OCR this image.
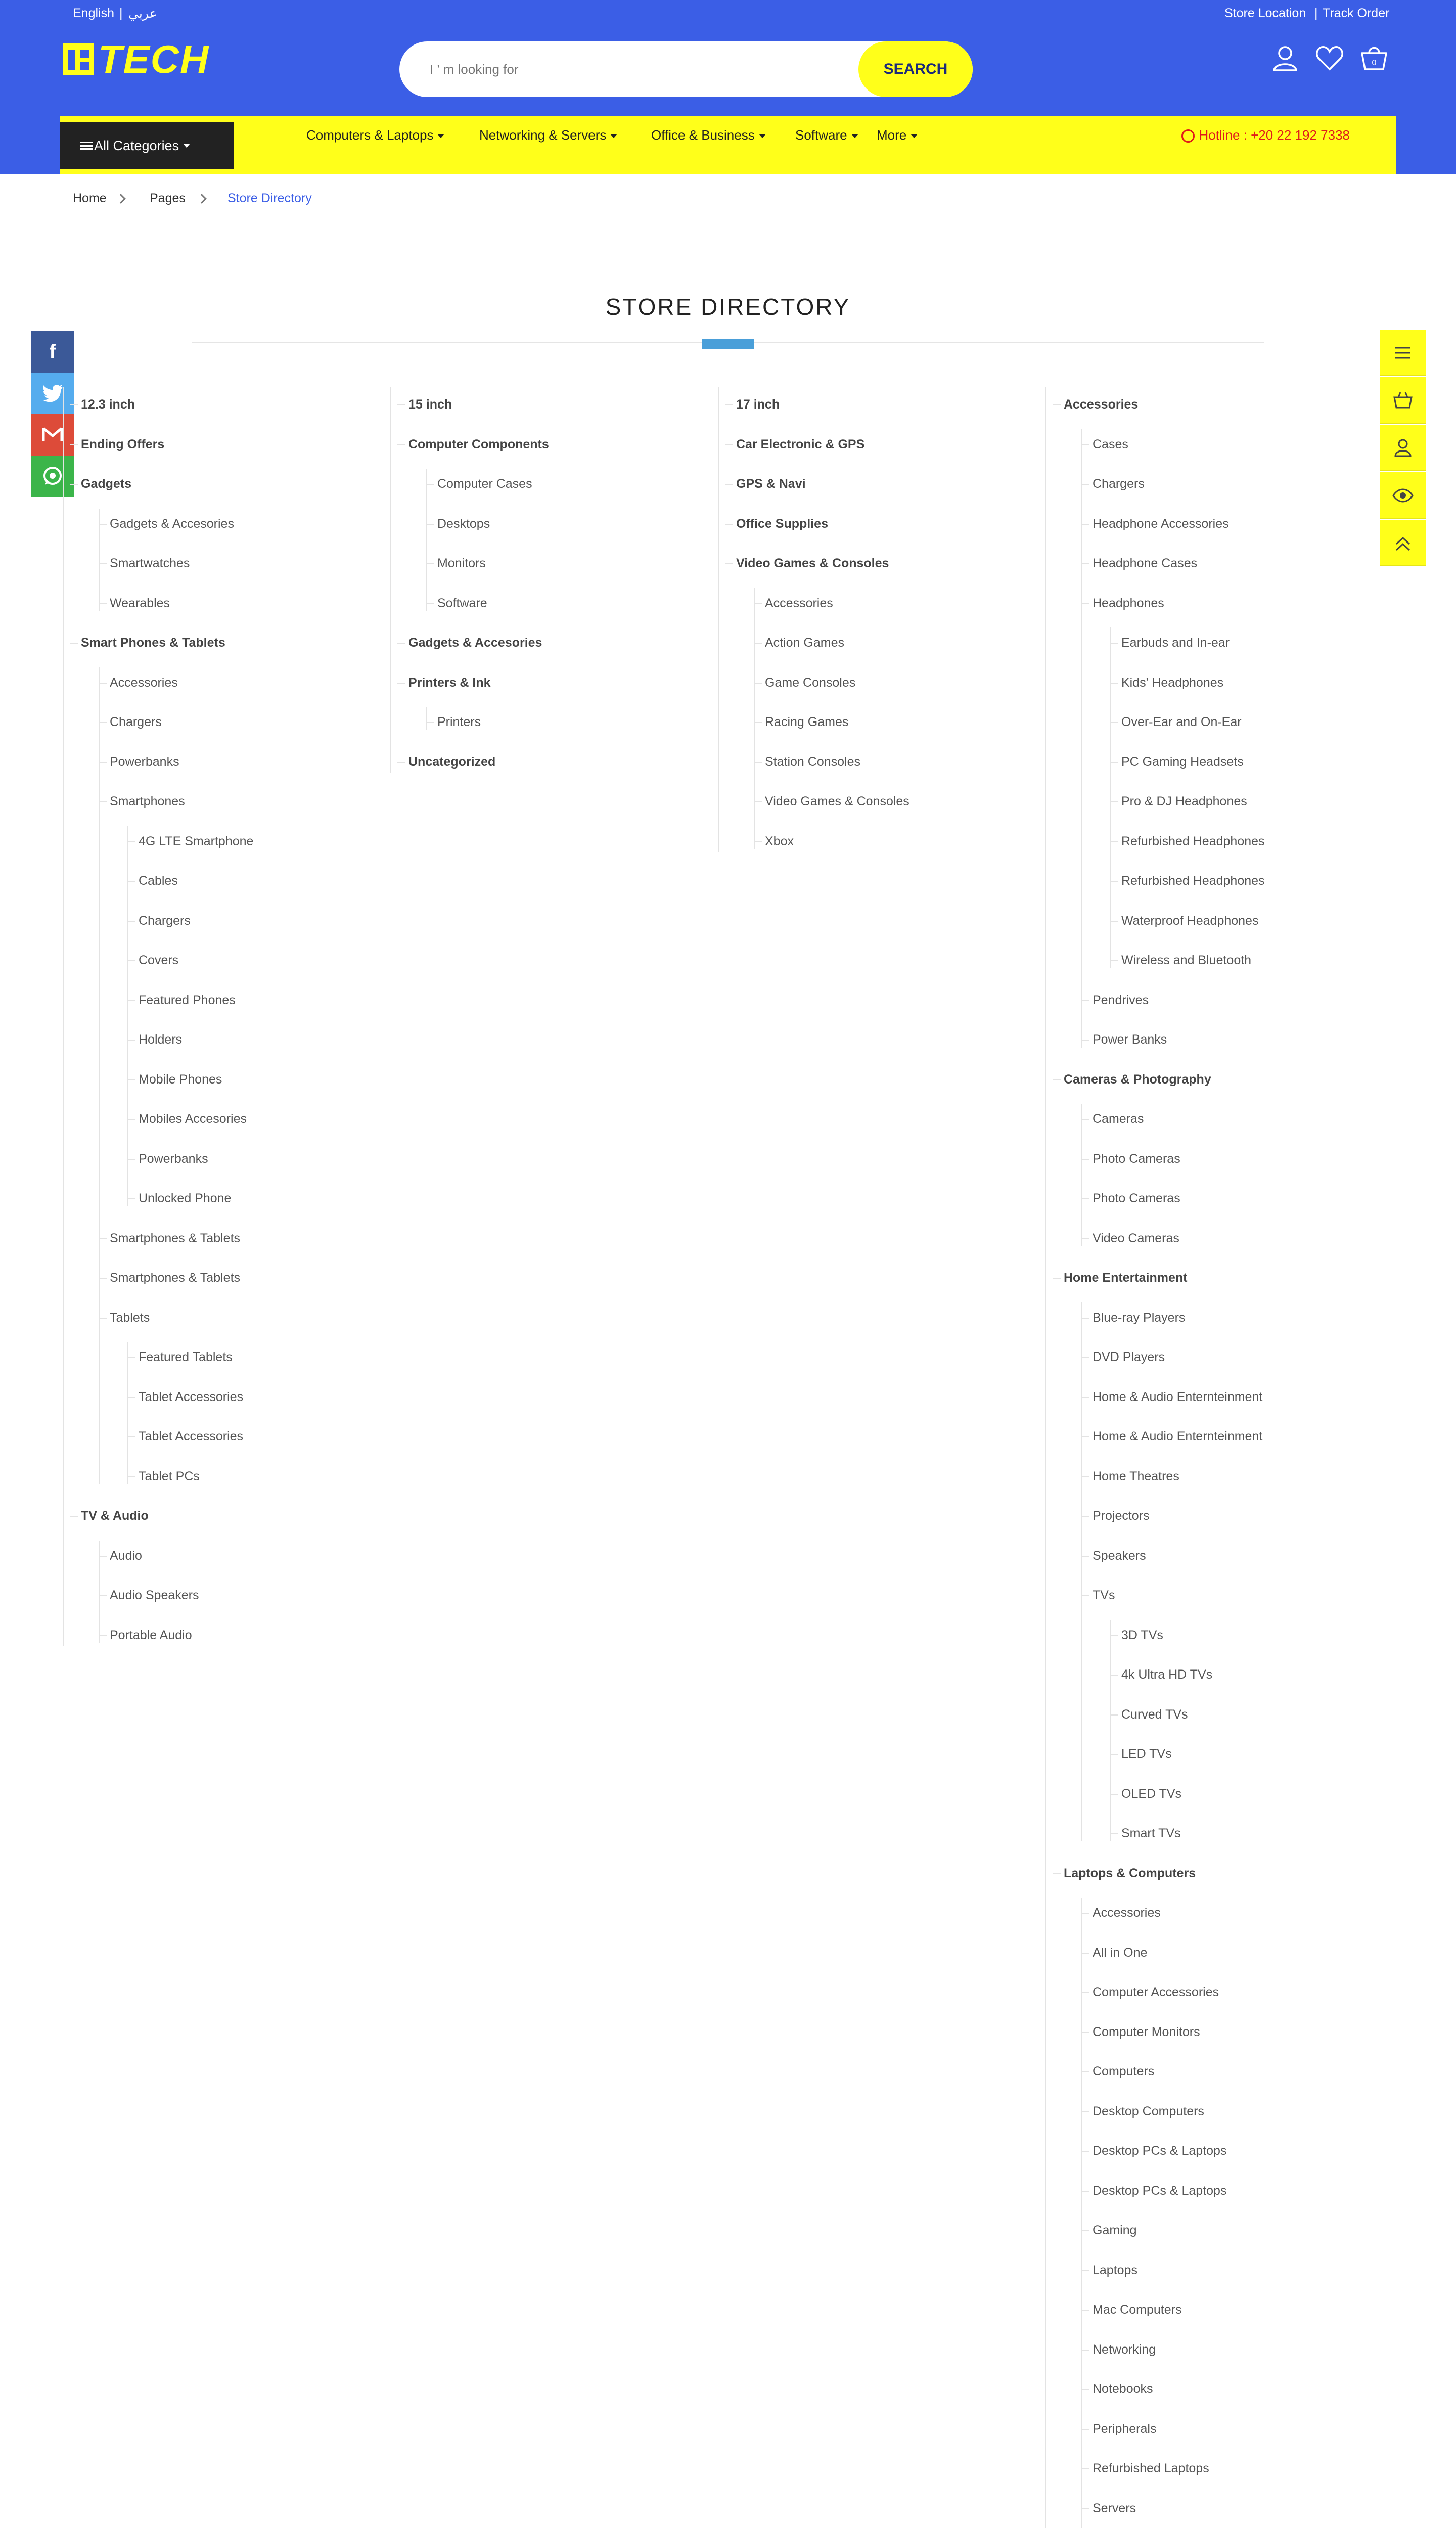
English | عربي	Store Location | Track Order
TECH
I ' m looking for	SEARCH	0
All Categories
Computers & Laptops	Networking & Servers	Office & Business	Software	More	Hotline : +20 22 192 7338
Home	Pages	Store Directory
STORE DIRECTORY
f
12.3 inch
Ending Offers
Gadgets
Gadgets & Accesories
Smartwatches
Wearables
Smart Phones & Tablets
Accessories
Chargers
Powerbanks
Smartphones
4G LTE Smartphone
Cables
Chargers
Covers
Featured Phones
Holders
Mobile Phones
Mobiles Accesories
Powerbanks
Unlocked Phone
Smartphones & Tablets
Smartphones & Tablets
Tablets
Featured Tablets
Tablet Accessories
Tablet Accessories
Tablet PCs
TV & Audio
Audio
Audio Speakers
Portable Audio
15 inch
Computer Components
Computer Cases
Desktops
Monitors
Software
Gadgets & Accesories
Printers & Ink
Printers
Uncategorized
17 inch
Car Electronic & GPS
GPS & Navi
Office Supplies
Video Games & Consoles
Accessories
Action Games
Game Consoles
Racing Games
Station Consoles
Video Games & Consoles
Xbox
Accessories
Cases
Chargers
Headphone Accessories
Headphone Cases
Headphones
Earbuds and In-ear
Kids' Headphones
Over-Ear and On-Ear
PC Gaming Headsets
Pro & DJ Headphones
Refurbished Headphones
Refurbished Headphones
Waterproof Headphones
Wireless and Bluetooth
Pendrives
Power Banks
Cameras & Photography
Cameras
Photo Cameras
Photo Cameras
Video Cameras
Home Entertainment
Blue-ray Players
DVD Players
Home & Audio Enternteinment
Home & Audio Enternteinment
Home Theatres
Projectors
Speakers
TVs
3D TVs
4k Ultra HD TVs
Curved TVs
LED TVs
OLED TVs
Smart TVs
Laptops & Computers
Accessories
All in One
Computer Accessories
Computer Monitors
Computers
Desktop Computers
Desktop PCs & Laptops
Desktop PCs & Laptops
Gaming
Laptops
Mac Computers
Networking
Notebooks
Peripherals
Refurbished Laptops
Servers
